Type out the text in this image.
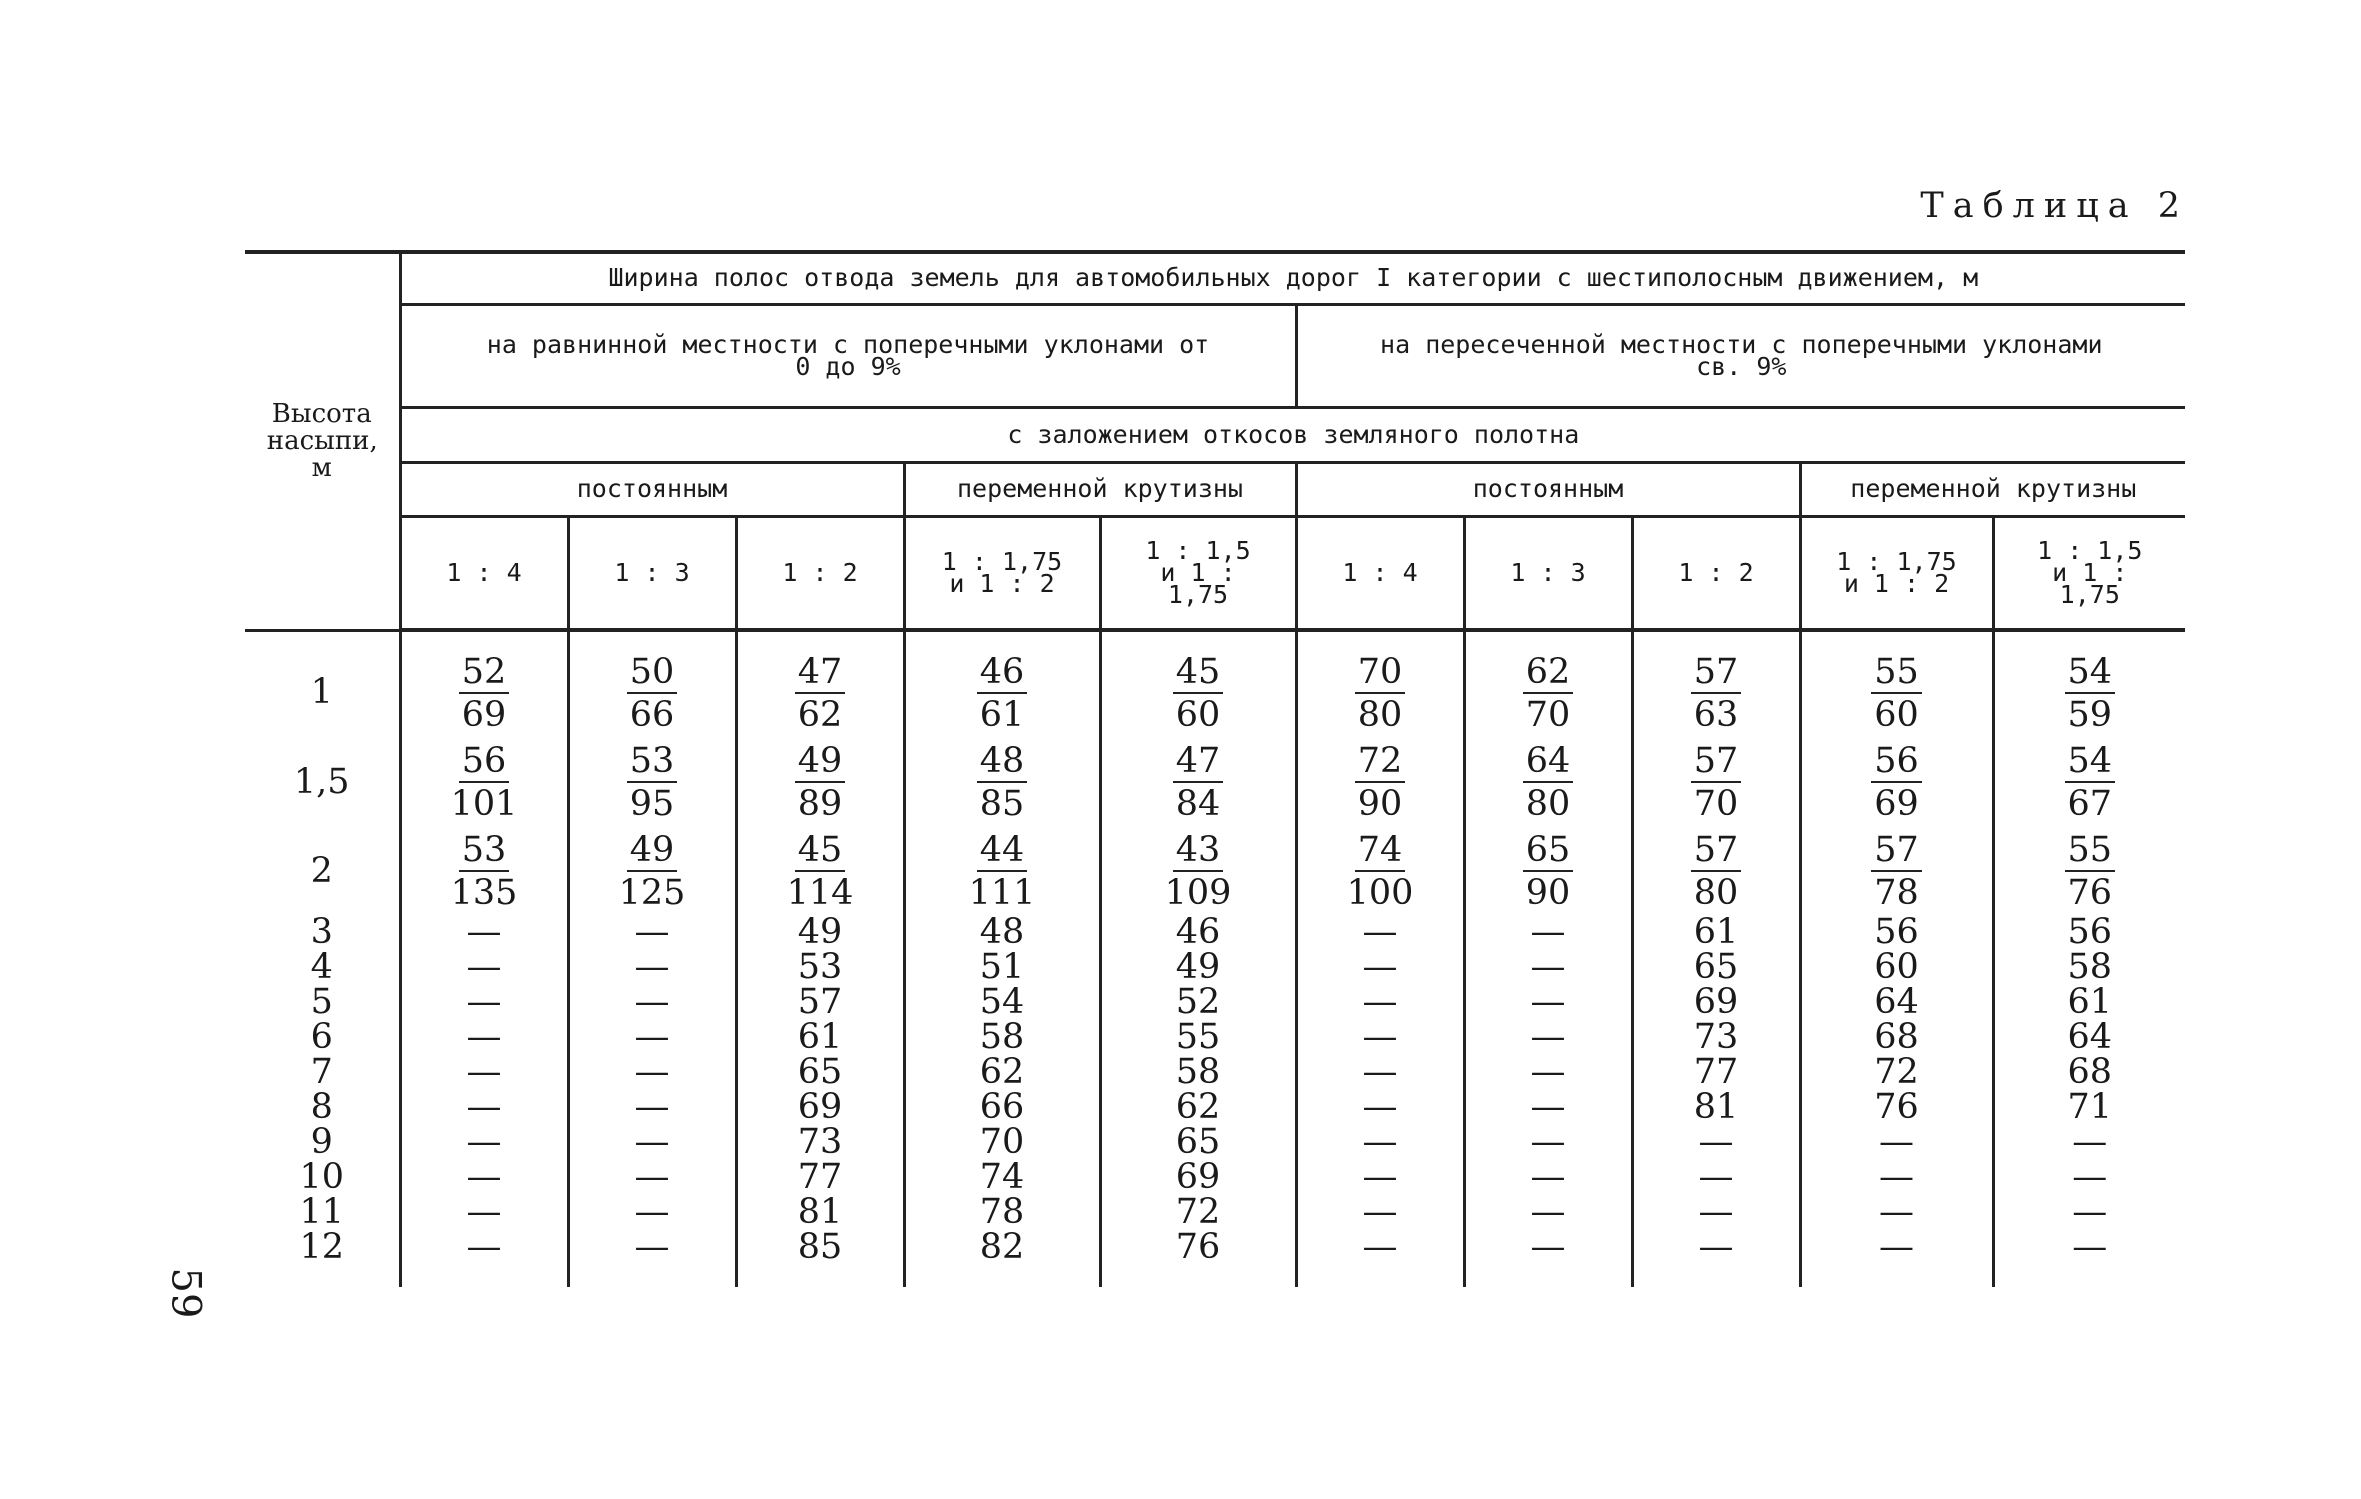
Таблица 2
59
Высота насыпи, м	Ширина полос отвода земель для автомобильных дорог I категории с шестиполосным движением, м									
	на равнинной местности с поперечными уклонами от 0 до 9%					на пересеченной местности с поперечными уклонами св. 9%				
	с заложением откосов земляного полотна									
	постоянным			переменной крутизны		постоянным			переменной крутизны	
	1 : 4	1 : 3	1 : 2	1 : 1,75 и 1 : 2	1 : 1,5 и 1 : 1,75	1 : 4	1 : 3	1 : 2	1 : 1,75 и 1 : 2	1 : 1,5 и 1 : 1,75
1	$\frac{52}{69}$	$\frac{50}{66}$	$\frac{47}{62}$	$\frac{46}{61}$	$\frac{45}{60}$	$\frac{70}{80}$	$\frac{62}{70}$	$\frac{57}{63}$	$\frac{55}{60}$	$\frac{54}{59}$

1,5	$\frac{56}{101}$	$\frac{53}{95}$	$\frac{49}{89}$	$\frac{48}{85}$	$\frac{47}{84}$	$\frac{72}{90}$	$\frac{64}{80}$	$\frac{57}{70}$	$\frac{56}{69}$	$\frac{54}{67}$

2	$\frac{53}{135}$	$\frac{49}{125}$	$\frac{45}{114}$	$\frac{44}{111}$	$\frac{43}{109}$	$\frac{74}{100}$	$\frac{65}{90}$	$\frac{57}{80}$	$\frac{57}{78}$	$\frac{55}{76}$

3	—	—	49	48	46	—	—	61	56	56
4	—	—	53	51	49	—	—	65	60	58
5	—	—	57	54	52	—	—	69	64	61
6	—	—	61	58	55	—	—	73	68	64
7	—	—	65	62	58	—	—	77	72	68
8	—	—	69	66	62	—	—	81	76	71
9	—	—	73	70	65	—	—	—	—	—
10	—	—	77	74	69	—	—	—	—	—
11	—	—	81	78	72	—	—	—	—	—
12	—	—	85	82	76	—	—	—	—	—
